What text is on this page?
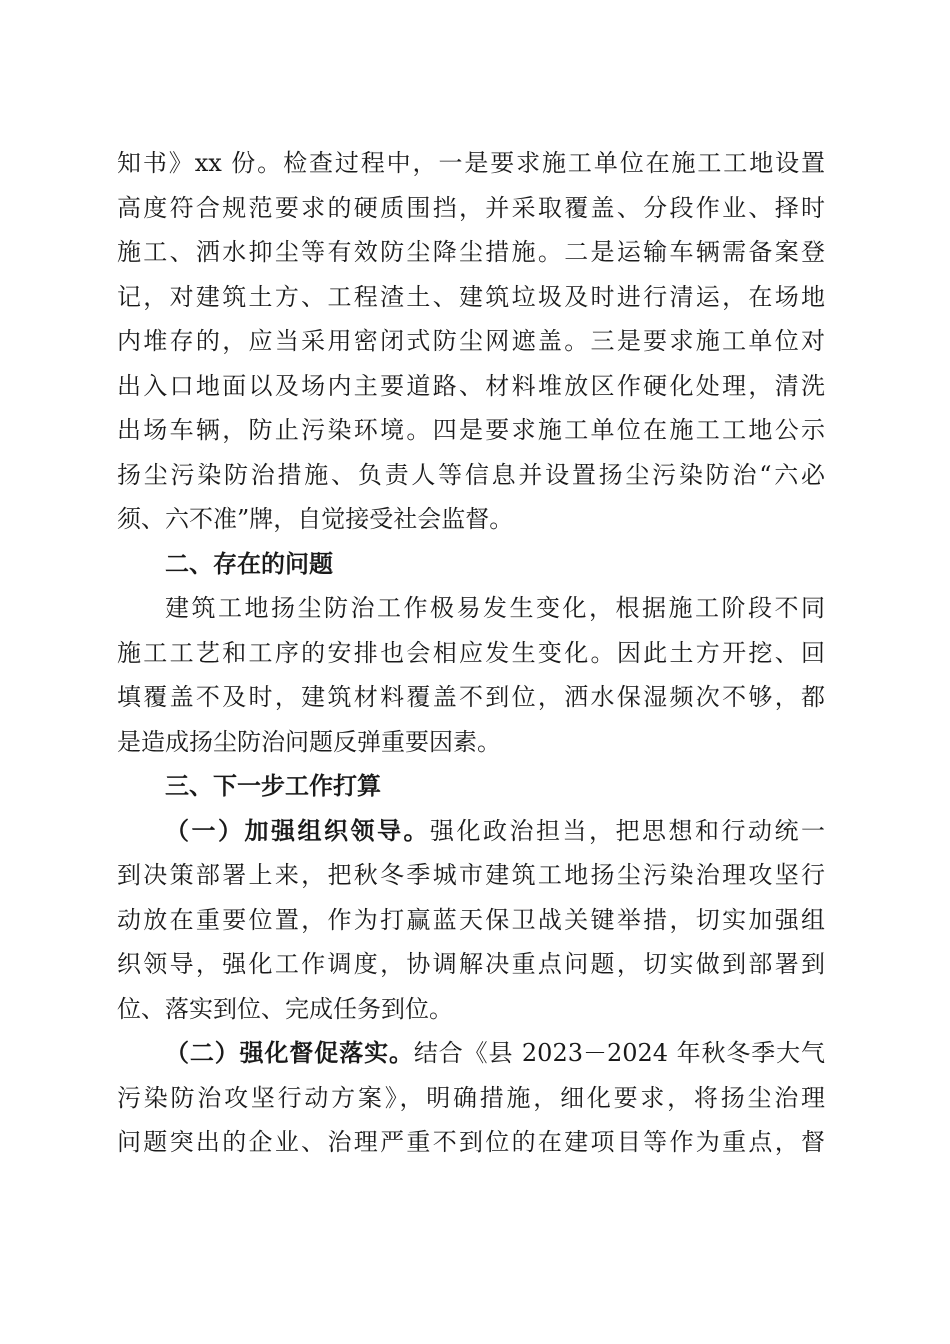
知书》xx 份。检查过程中，一是要求施工单位在施工工地设置
高度符合规范要求的硬质围挡，并采取覆盖、分段作业、择时
施工、洒水抑尘等有效防尘降尘措施。二是运输车辆需备案登
记，对建筑土方、工程渣土、建筑垃圾及时进行清运，在场地
内堆存的，应当采用密闭式防尘网遮盖。三是要求施工单位对
出入口地面以及场内主要道路、材料堆放区作硬化处理，清洗
出场车辆，防止污染环境。四是要求施工单位在施工工地公示
扬尘污染防治措施、负责人等信息并设置扬尘污染防治“六必
须、六不准”牌，自觉接受社会监督。
二、存在的问题
建筑工地扬尘防治工作极易发生变化，根据施工阶段不同
施工工艺和工序的安排也会相应发生变化。因此土方开挖、回
填覆盖不及时，建筑材料覆盖不到位，洒水保湿频次不够，都
是造成扬尘防治问题反弹重要因素。
三、下一步工作打算
（一）加强组织领导。强化政治担当，把思想和行动统一
到决策部署上来，把秋冬季城市建筑工地扬尘污染治理攻坚行
动放在重要位置，作为打赢蓝天保卫战关键举措，切实加强组
织领导，强化工作调度，协调解决重点问题，切实做到部署到
位、落实到位、完成任务到位。
（二）强化督促落实。结合《县 2023－2024 年秋冬季大气
污染防治攻坚行动方案》，明确措施，细化要求，将扬尘治理
问题突出的企业、治理严重不到位的在建项目等作为重点，督
